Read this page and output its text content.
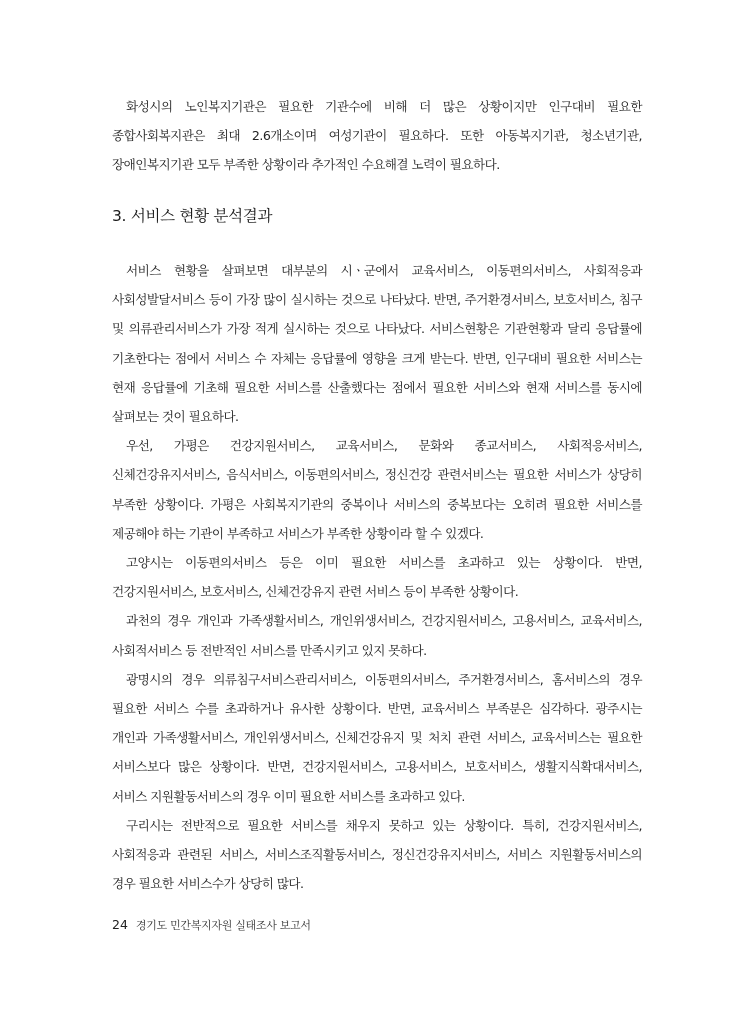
화성시의 노인복지기관은 필요한 기관수에 비해 더 많은 상황이지만 인구대비 필요한 종합사회복지관은 최대 2.6개소이며 여성기관이 필요하다. 또한 아동복지기관, 청소년기관, 장애인복지기관 모두 부족한 상황이라 추가적인 수요해결 노력이 필요하다.

3. 서비스 현황 분석결과

서비스 현황을 살펴보면 대부분의 시ㆍ군에서 교육서비스, 이동편의서비스, 사회적응과 사회성발달서비스 등이 가장 많이 실시하는 것으로 나타났다. 반면, 주거환경서비스, 보호서비스, 침구 및 의류관리서비스가 가장 적게 실시하는 것으로 나타났다. 서비스현황은 기관현황과 달리 응답률에 기초한다는 점에서 서비스 수 자체는 응답률에 영향을 크게 받는다. 반면, 인구대비 필요한 서비스는 현재 응답률에 기초해 필요한 서비스를 산출했다는 점에서 필요한 서비스와 현재 서비스를 동시에 살펴보는 것이 필요하다.

우선, 가평은 건강지원서비스, 교육서비스, 문화와 종교서비스, 사회적응서비스, 신체건강유지서비스, 음식서비스, 이동편의서비스, 정신건강 관련서비스는 필요한 서비스가 상당히 부족한 상황이다. 가평은 사회복지기관의 중복이나 서비스의 중복보다는 오히려 필요한 서비스를 제공해야 하는 기관이 부족하고 서비스가 부족한 상황이라 할 수 있겠다.

고양시는 이동편의서비스 등은 이미 필요한 서비스를 초과하고 있는 상황이다. 반면, 건강지원서비스, 보호서비스, 신체건강유지 관련 서비스 등이 부족한 상황이다.

과천의 경우 개인과 가족생활서비스, 개인위생서비스, 건강지원서비스, 고용서비스, 교육서비스, 사회적서비스 등 전반적인 서비스를 만족시키고 있지 못하다.

광명시의 경우 의류침구서비스관리서비스, 이동편의서비스, 주거환경서비스, 홈서비스의 경우 필요한 서비스 수를 초과하거나 유사한 상황이다. 반면, 교육서비스 부족분은 심각하다. 광주시는 개인과 가족생활서비스, 개인위생서비스, 신체건강유지 및 처치 관련 서비스, 교육서비스는 필요한 서비스보다 많은 상황이다. 반면, 건강지원서비스, 고용서비스, 보호서비스, 생활지식확대서비스, 서비스 지원활동서비스의 경우 이미 필요한 서비스를 초과하고 있다.

구리시는 전반적으로 필요한 서비스를 채우지 못하고 있는 상황이다. 특히, 건강지원서비스, 사회적응과 관련된 서비스, 서비스조직활동서비스, 정신건강유지서비스, 서비스 지원활동서비스의 경우 필요한 서비스수가 상당히 많다.

24 경기도 민간복지자원 실태조사 보고서
